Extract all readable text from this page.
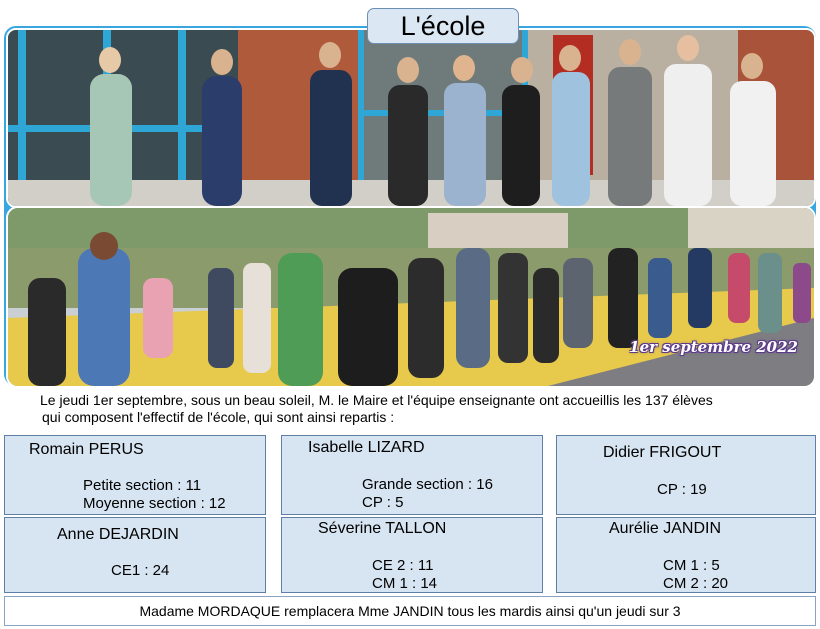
1er septembre 2022
L'école
Le jeudi 1er septembre, sous un beau soleil, M. le Maire et l'équipe enseignante ont accueillis les 137 élèves
qui composent l'effectif de l'école, qui sont ainsi repartis :
Romain PERUS
Petite section : 11
Moyenne section : 12
Isabelle LIZARD
Grande section : 16
CP : 5
Didier FRIGOUT
CP : 19
Anne DEJARDIN
CE1 : 24
Séverine TALLON
CE 2 : 11
CM 1 : 14
Aurélie JANDIN
CM 1 : 5
CM 2 : 20
Madame MORDAQUE remplacera Mme JANDIN tous les mardis ainsi qu'un jeudi sur 3
